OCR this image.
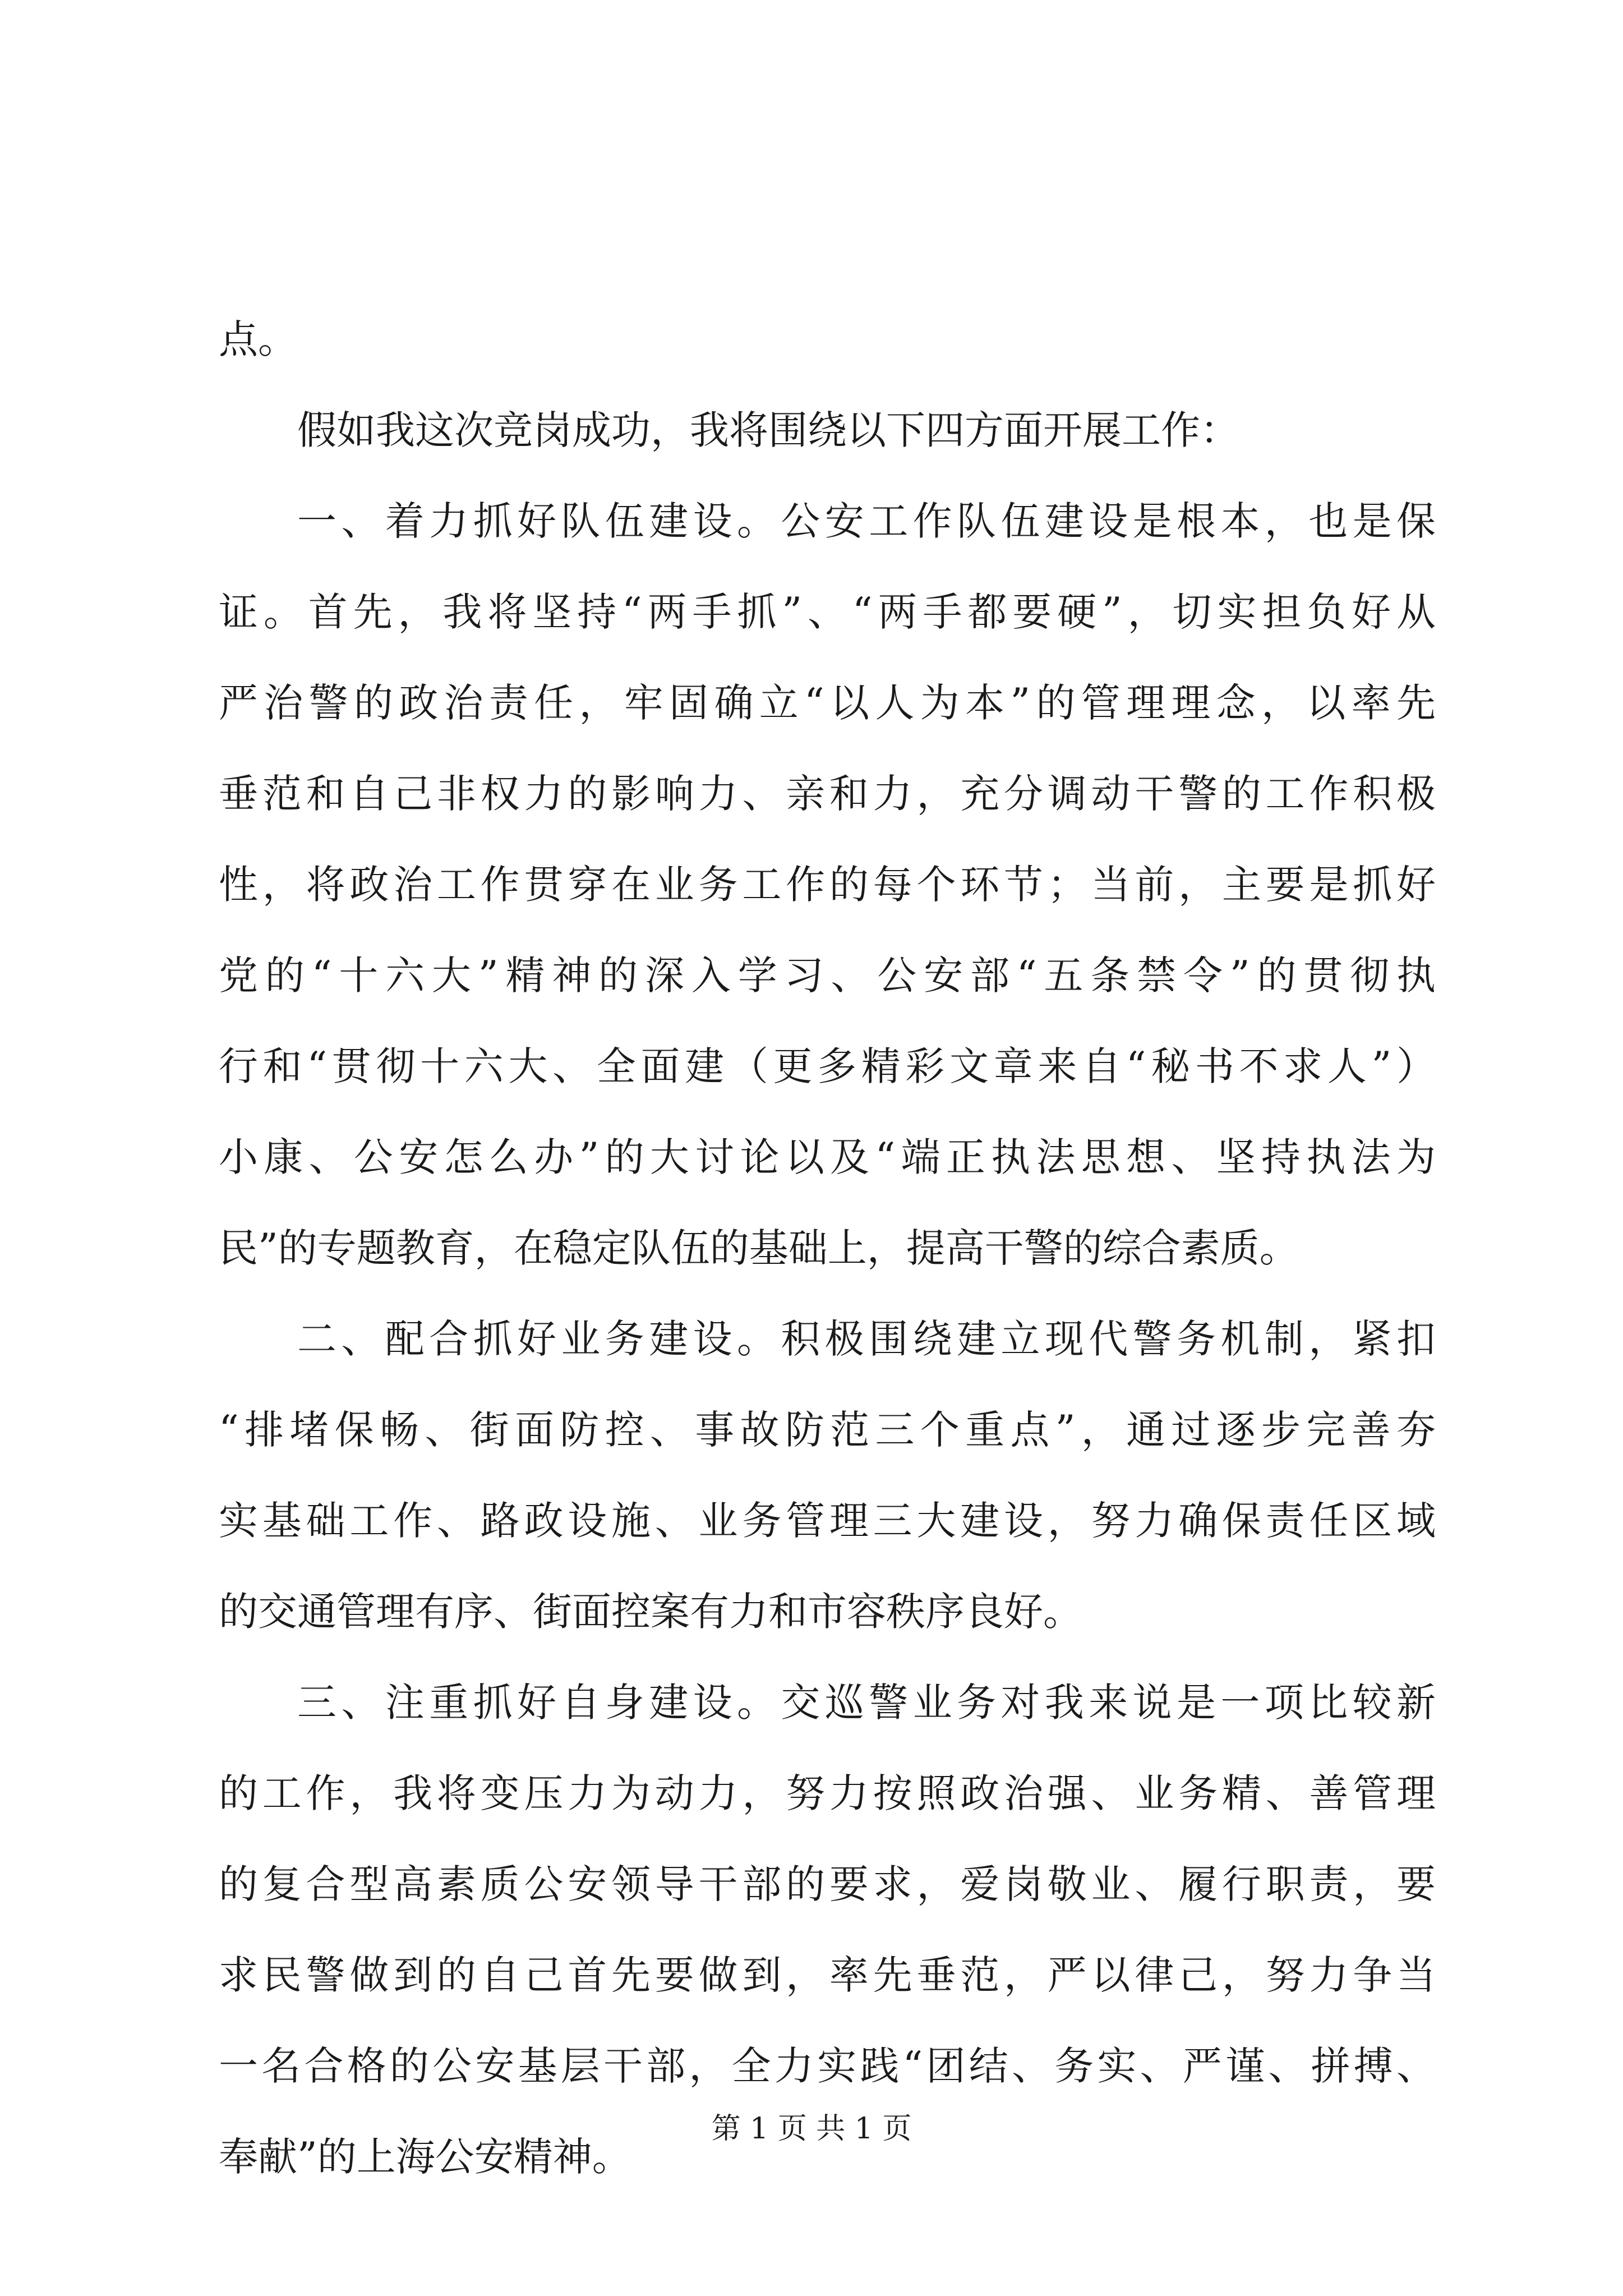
点。
假如我这次竞岗成功，我将围绕以下四方面开展工作：
一、着力抓好队伍建设。公安工作队伍建设是根本，也是保
证。首先，我将坚持“两手抓”、“两手都要硬”，切实担负好从
严治警的政治责任，牢固确立“以人为本”的管理理念，以率先
垂范和自己非权力的影响力、亲和力，充分调动干警的工作积极
性，将政治工作贯穿在业务工作的每个环节；当前，主要是抓好
党的“十六大”精神的深入学习、公安部“五条禁令”的贯彻执
行和“贯彻十六大、全面建（更多精彩文章来自“秘书不求人”）
小康、公安怎么办”的大讨论以及“端正执法思想、坚持执法为
民”的专题教育，在稳定队伍的基础上，提高干警的综合素质。
二、配合抓好业务建设。积极围绕建立现代警务机制，紧扣
“排堵保畅、街面防控、事故防范三个重点”，通过逐步完善夯
实基础工作、路政设施、业务管理三大建设，努力确保责任区域
的交通管理有序、街面控案有力和市容秩序良好。
三、注重抓好自身建设。交巡警业务对我来说是一项比较新
的工作，我将变压力为动力，努力按照政治强、业务精、善管理
的复合型高素质公安领导干部的要求，爱岗敬业、履行职责，要
求民警做到的自己首先要做到，率先垂范，严以律己，努力争当
一名合格的公安基层干部，全力实践“团结、务实、严谨、拼搏、
奉献”的上海公安精神。
第 1 页 共 1 页
